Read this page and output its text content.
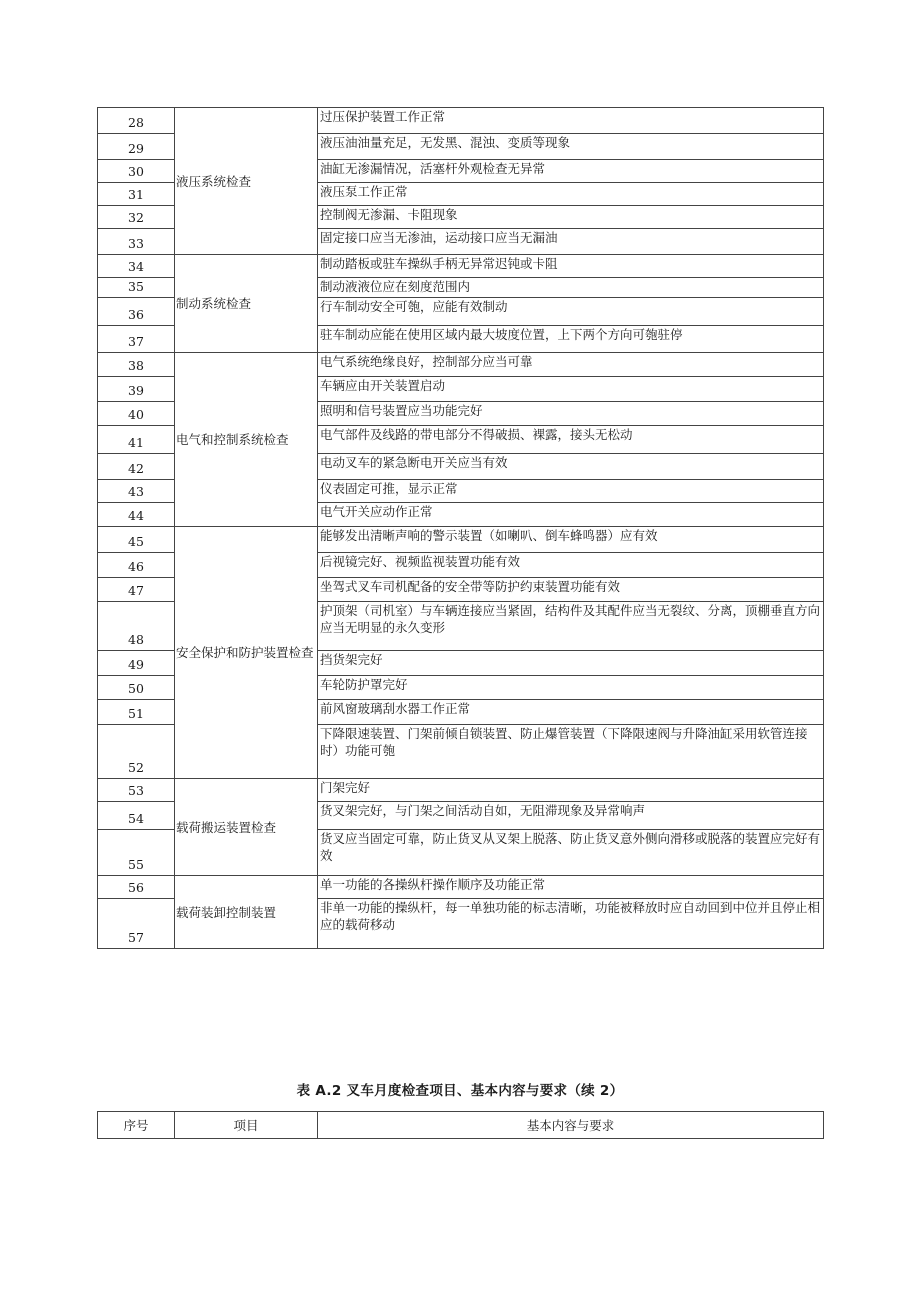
28	液压系统检查	过压保护装置工作正常
29		液压油油量充足，无发黑、混浊、变质等现象
30		油缸无渗漏情况，活塞杆外观检查无异常
31		液压泵工作正常
32		控制阀无渗漏、卡阻现象
33		固定接口应当无渗油，运动接口应当无漏油
34	制动系统检查	制动踏板或驻车操纵手柄无异常迟钝或卡阻
35		制动液液位应在刻度范围内
36		行车制动安全可匏，应能有效制动
37		驻车制动应能在使用区域内最大坡度位置，上下两个方向可匏驻停
38	电气和控制系统检查	电气系统绝缘良好，控制部分应当可靠
39		车辆应由开关装置启动
40		照明和信号装置应当功能完好
41		电气部件及线路的带电部分不得破损、裸露，接头无松动
42		电动叉车的紧急断电开关应当有效
43		仪表固定可推，显示正常
44		电气开关应动作正常
45	安全保护和防护装置检查	能够发出清晰声响的警示装置（如喇叭、倒车蜂鸣器）应有效
46		后视镜完好、视频监视装置功能有效
47		坐驾式叉车司机配备的安全带等防护约束装置功能有效
48		护顶架（司机室）与车辆连接应当紧固，结构件及其配件应当无裂纹、分离，顶棚垂直方向应当无明显的永久变形
49		挡货架完好
50		车轮防护罩完好
51		前风窗玻璃刮水器工作正常
52		下降限速装置、门架前倾自锁装置、防止爆管装置（下降限速阀与升降油缸采用软管连接时）功能可匏
53	载荷搬运装置检查	门架完好
54		货叉架完好，与门架之间活动自如，无阻滞现象及异常响声
55		货叉应当固定可靠，防止货叉从叉架上脱落、防止货叉意外侧向滑移或脱落的装置应完好有效
56	载荷装卸控制装置	单一功能的各操纵杆操作顺序及功能正常
57		非单一功能的操纵杆，每一单独功能的标志清晰，功能被释放时应自动回到中位并且停止相应的载荷移动
表 A.2 叉车月度检查项目、基本内容与要求（续 2）
序号	项目	基本内容与要求
